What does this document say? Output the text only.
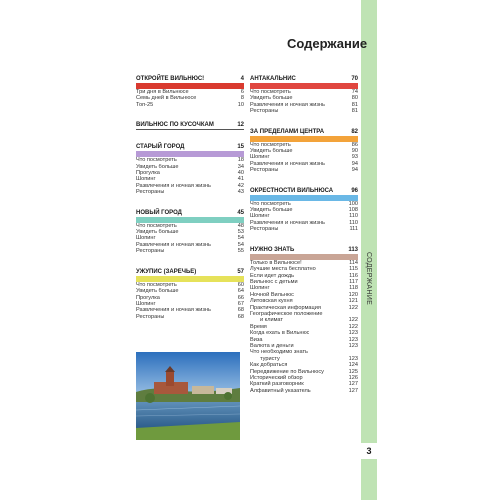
СОДЕРЖАНИЕ
3
Содержание
ОТКРОЙТЕ ВИЛЬНЮС!	4
Три дня в Вильнюсе	6
Семь дней в Вильнюсе	8
Топ-25	10
ВИЛЬНЮС ПО КУСОЧКАМ	12
СТАРЫЙ ГОРОД	15
Что посмотреть	18
Увидеть больше	34
Прогулка	40
Шопинг	41
Развлечения и ночная жизнь	42
Рестораны	43
НОВЫЙ ГОРОД	45
Что посмотреть	48
Увидеть больше	53
Шопинг	54
Развлечения и ночная жизнь	54
Рестораны	55
УЖУПИС (ЗАРЕЧЬЕ)	57
Что посмотреть	60
Увидеть больше	64
Прогулка	66
Шопинг	67
Развлечения и ночная жизнь	68
Рестораны	68
АНТАКАЛЬНИС	70
Что посмотреть	74
Увидеть больше	80
Развлечения и ночная жизнь	81
Рестораны	81
ЗА ПРЕДЕЛАМИ ЦЕНТРА	82
Что посмотреть	86
Увидеть больше	90
Шопинг	93
Развлечения и ночная жизнь	94
Рестораны	94
ОКРЕСТНОСТИ ВИЛЬНЮСА	96
Что посмотреть	100
Увидеть больше	108
Шопинг	110
Развлечения и ночная жизнь	110
Рестораны	111
НУЖНО ЗНАТЬ	113
Только в Вильнюсе!	114
Лучшие места бесплатно	115
Если идет дождь	116
Вильнюс с детьми	117
Шопинг	118
Ночной Вильнюс	120
Литовская кухня	121
Практическая информация	122
Географическое положение
и климат	122
Время	122
Когда ехать в Вильнюс	123
Виза	123
Валюта и деньги	123
Что необходимо знать
туристу	123
Как добраться	124
Передвижение по Вильнюсу	125
Исторический обзор	126
Краткий разговорник	127
Алфавитный указатель	127
